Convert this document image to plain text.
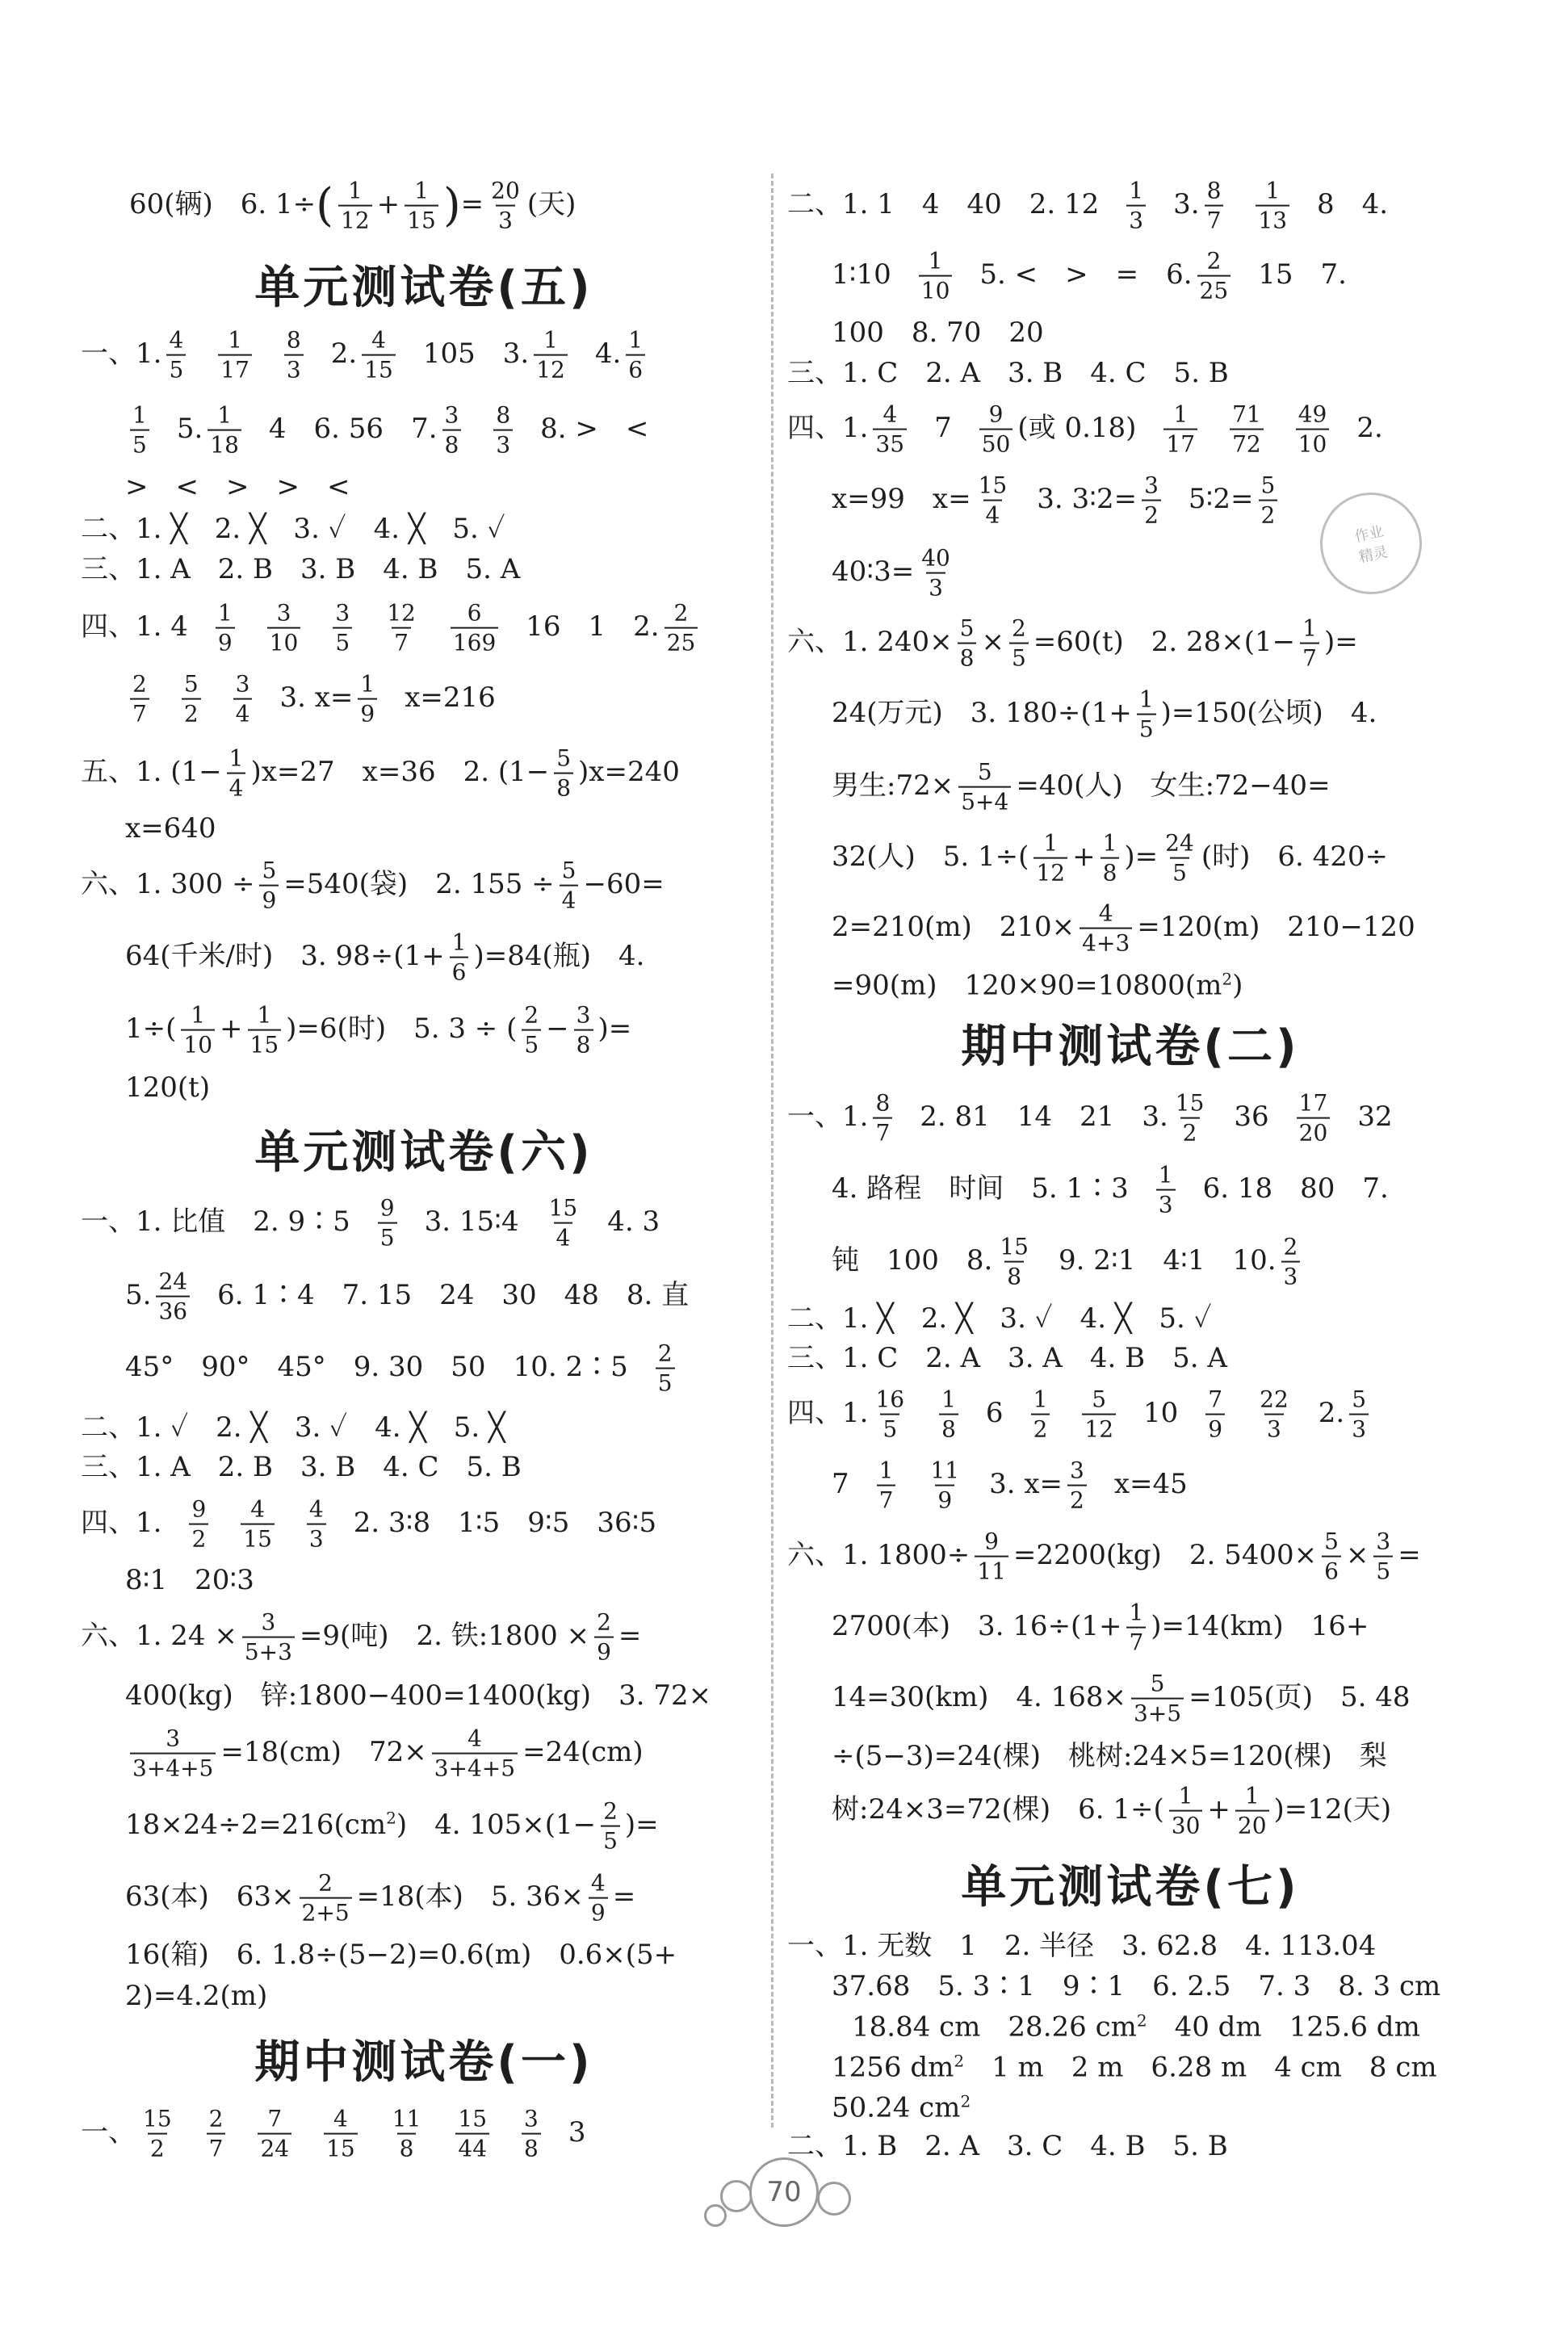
60(辆)　6. $1\div( \frac{1}{12} + \frac{1}{15}$ )= $\frac{20}{3}$ (天)
单元测试卷(五)
一、1. $\frac{4}{5} \frac{1}{17} \frac{8}{3} 2$. $\frac{4}{15} 105$　3. $\frac{1}{12} 4$. $\frac{1}{6}$
$\frac{1}{5} 5$. $\frac{1}{18} 4$　6. 56　7. $\frac{3}{8} \frac{8}{3} 8$. >　<
>　<　>　>　<
二、1. ╳　2. ╳　3. ✓　4. ╳　5. ✓
三、1. A　2. B　3. B　4. B　5. A
四、1. $4 \frac{1}{9} \frac{3}{10} \frac{3}{5} \frac{12}{7} \frac{6}{169} 16$　1　2. $\frac{2}{25}$
$\frac{2}{7} \frac{5}{2} \frac{3}{4} 3$. $x= \frac{1}{9} x=216$
五、1. $(1- \frac{1}{4} )x=27$　x=36　2. $(1- \frac{5}{8} )x=240$
x=640
六、1. $300 \div \frac{5}{9} =540$(袋)　2. $155 \div \frac{5}{4} -60=$
64(千米/时)　3. $98\div(1+ \frac{1}{6} )=84$(瓶)　4.
$1\div( \frac{1}{10} + \frac{1}{15} )=6$(时)　5. 3 ÷ ( $\frac{2}{5} - \frac{3}{8}$ )=
120(t)
单元测试卷(六)
一、1. 比值　2. 9∶5 $\frac{9}{5} 3$. 15∶4 $\frac{15}{4} 4$. 3
5. $\frac{24}{36} 6$. 1∶4　7. 15　24　30　48　8. 直
45°　90°　45°　9. 30　50　10. 2∶5 $\frac{2}{5}$
二、1. ✓　2. ╳　3. ✓　4. ╳　5. ╳
三、1. A　2. B　3. B　4. C　5. B
四、1. $\frac{9}{2} \frac{4}{15} \frac{4}{3} 2$. 3∶8　1∶5　9∶5　36∶5
8∶1　20∶3
六、1. $24 \times \frac{3}{5+3} =9$(吨)　2. 铁:1800 × $\frac{2}{9}$ =
400(kg)　锌:1800−400=1400(kg)　3. 72×
$\frac{3}{3+4+5} =18(cm)$　$72\times \frac{4}{3+4+5} =24(cm)$
$18\times 24\div 2=216(cm^2)$　4. $105\times(1- \frac{2}{5}$ )=
63(本)　$63\times \frac{2}{2+5} =18$(本)　5. $36\times \frac{4}{9}$ =
16(箱)　6. 1.8÷(5−2)=0.6(m)　0.6×(5+
2)=4.2(m)
期中测试卷(一)
一、 $\frac{15}{2} \frac{2}{7} \frac{7}{24} \frac{4}{15} \frac{11}{8} \frac{15}{44} \frac{3}{8} 3$
二、1. 1　4　40　2. $12 \frac{1}{3} 3$. $\frac{8}{7} \frac{1}{13} 8$　4.
1∶10 $\frac{1}{10} 5$. <　>　=　6. $\frac{2}{25} 15$　7.
100　8. 70　20
三、1. C　2. A　3. B　4. C　5. B
四、1. $\frac{4}{35} 7 \frac{9}{50}$ (或 $0.18) \frac{1}{17} \frac{71}{72} \frac{49}{10} 2$.
x=99　$x= \frac{15}{4} 3$. 3∶2= $\frac{3}{2}$ 5∶2= $\frac{5}{2}$
40∶3= $\frac{40}{3}$
六、1. $240\times \frac{5}{8} \times \frac{2}{5} =60(t)$　2. $28\times(1- \frac{1}{7}$ )=
24(万元)　3. $180\div(1+ \frac{1}{5} )=150$(公顷)　4.
男生:72× $\frac{5}{5+4} =40$(人)　女生:72−40=
32(人)　5. $1\div( \frac{1}{12} + \frac{1}{8}$ )= $\frac{24}{5}$ (时)　6. 420÷
2=210(m)　$210\times \frac{4}{4+3} =120(m)$　210−120
=90(m)　$120\times 90=10800(m^2)$
期中测试卷(二)
一、1. $\frac{8}{7} 2$. 81　14　21　3. $\frac{15}{2} 36 \frac{17}{20} 32$
4. 路程　时间　5. 1∶3 $\frac{1}{3} 6$. 18　80　7.
钝　100　8. $\frac{15}{8} 9$. 2∶1　4∶1　10. $\frac{2}{3}$
二、1. ╳　2. ╳　3. ✓　4. ╳　5. ✓
三、1. C　2. A　3. A　4. B　5. A
四、1. $\frac{16}{5} \frac{1}{8} 6 \frac{1}{2} \frac{5}{12} 10 \frac{7}{9} \frac{22}{3} 2$. $\frac{5}{3}$
$7 \frac{1}{7} \frac{11}{9} 3$. $x= \frac{3}{2} x=45$
六、1. $1800\div \frac{9}{11} =2200(kg)$　2. $5400\times \frac{5}{6} \times \frac{3}{5}$ =
2700(本)　3. $16\div(1+ \frac{1}{7} )=14(km)$　16+
14=30(km)　4. $168\times \frac{5}{3+5} =105$(页)　5. 48
÷(5−3)=24(棵)　桃树:24×5=120(棵)　梨
树:24×3=72(棵)　6. $1\div( \frac{1}{30} + \frac{1}{20} )=12$(天)
单元测试卷(七)
一、1. 无数　1　2. 半径　3. 62.8　4. 113.04
37.68　5. 3∶1　9∶1　6. 2.5　7. 3　8. 3 cm
18.84 cm　28.26 $cm^2$　40 dm　125.6 dm
1256 $dm^2$　1 m　2 m　6.28 m　4 cm　8 cm
50.24 $cm^2$
二、1. B　2. A　3. C　4. B　5. B
作业
精灵
70
